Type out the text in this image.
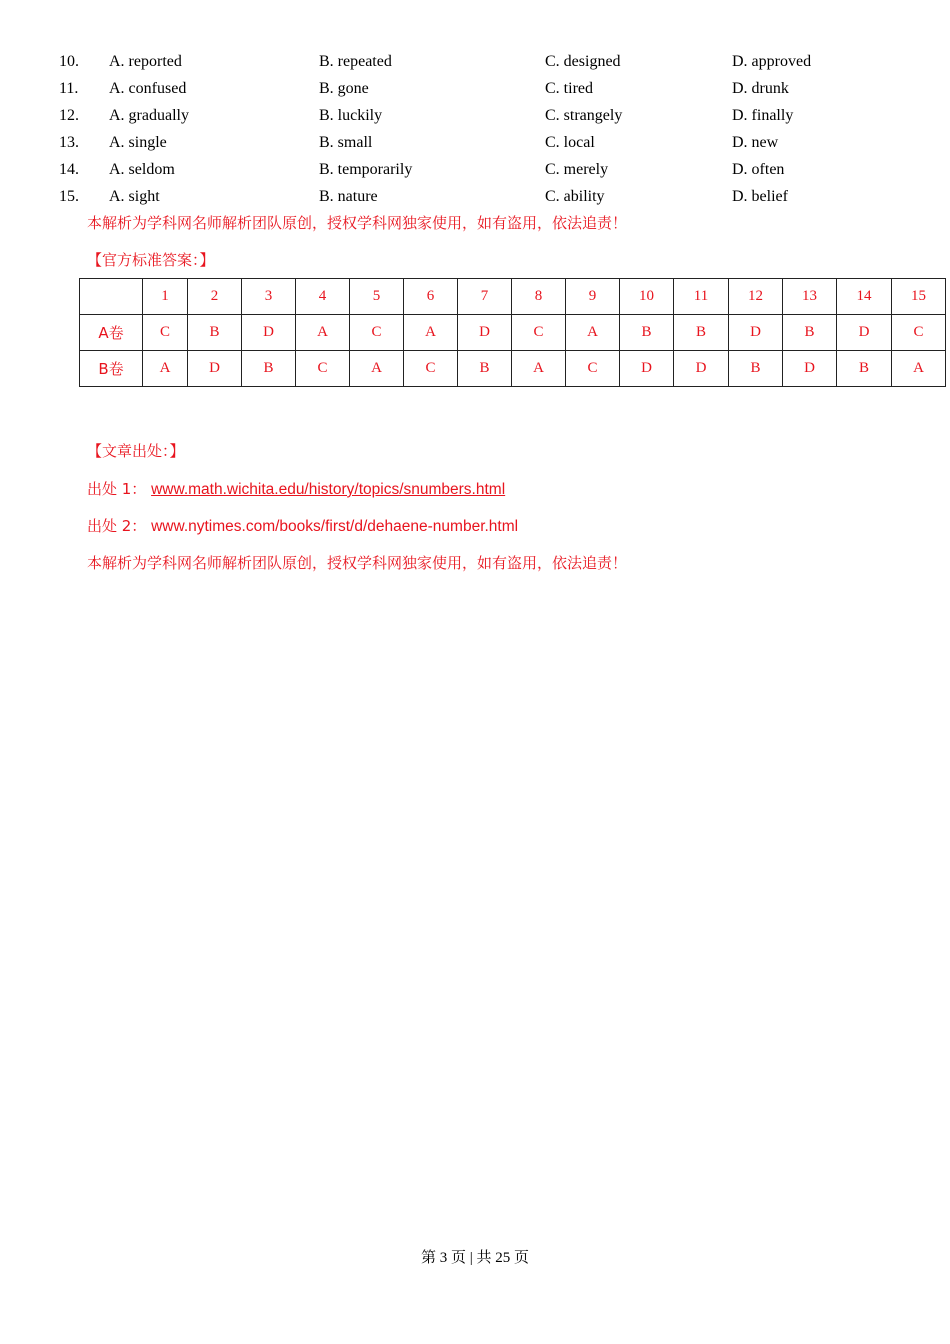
10. A. reported	B. repeated	C. designed	D. approved
11. A. confused	B. gone	C. tired	D. drunk
12. A. gradually	B. luckily	C. strangely	D. finally
13. A. single	B. small	C. local	D. new
14. A. seldom	B. temporarily	C. merely	D. often
15. A. sight	B. nature	C. ability	D. belief
本解析为学科网名师解析团队原创，授权学科网独家使用，如有盗用，依法追责！
【官方标准答案：】
	1	2	3	4	5	6	7	8	9	10	11	12	13	14	15
A卷	C	B	D	A	C	A	D	C	A	B	B	D	B	D	C
B卷	A	D	B	C	A	C	B	A	C	D	D	B	D	B	A
【文章出处：】
出处 1： www.math.wichita.edu/history/topics/snumbers.html
出处 2： www.nytimes.com/books/first/d/dehaene-number.html
本解析为学科网名师解析团队原创，授权学科网独家使用，如有盗用，依法追责！
第 3 页 | 共 25 页
